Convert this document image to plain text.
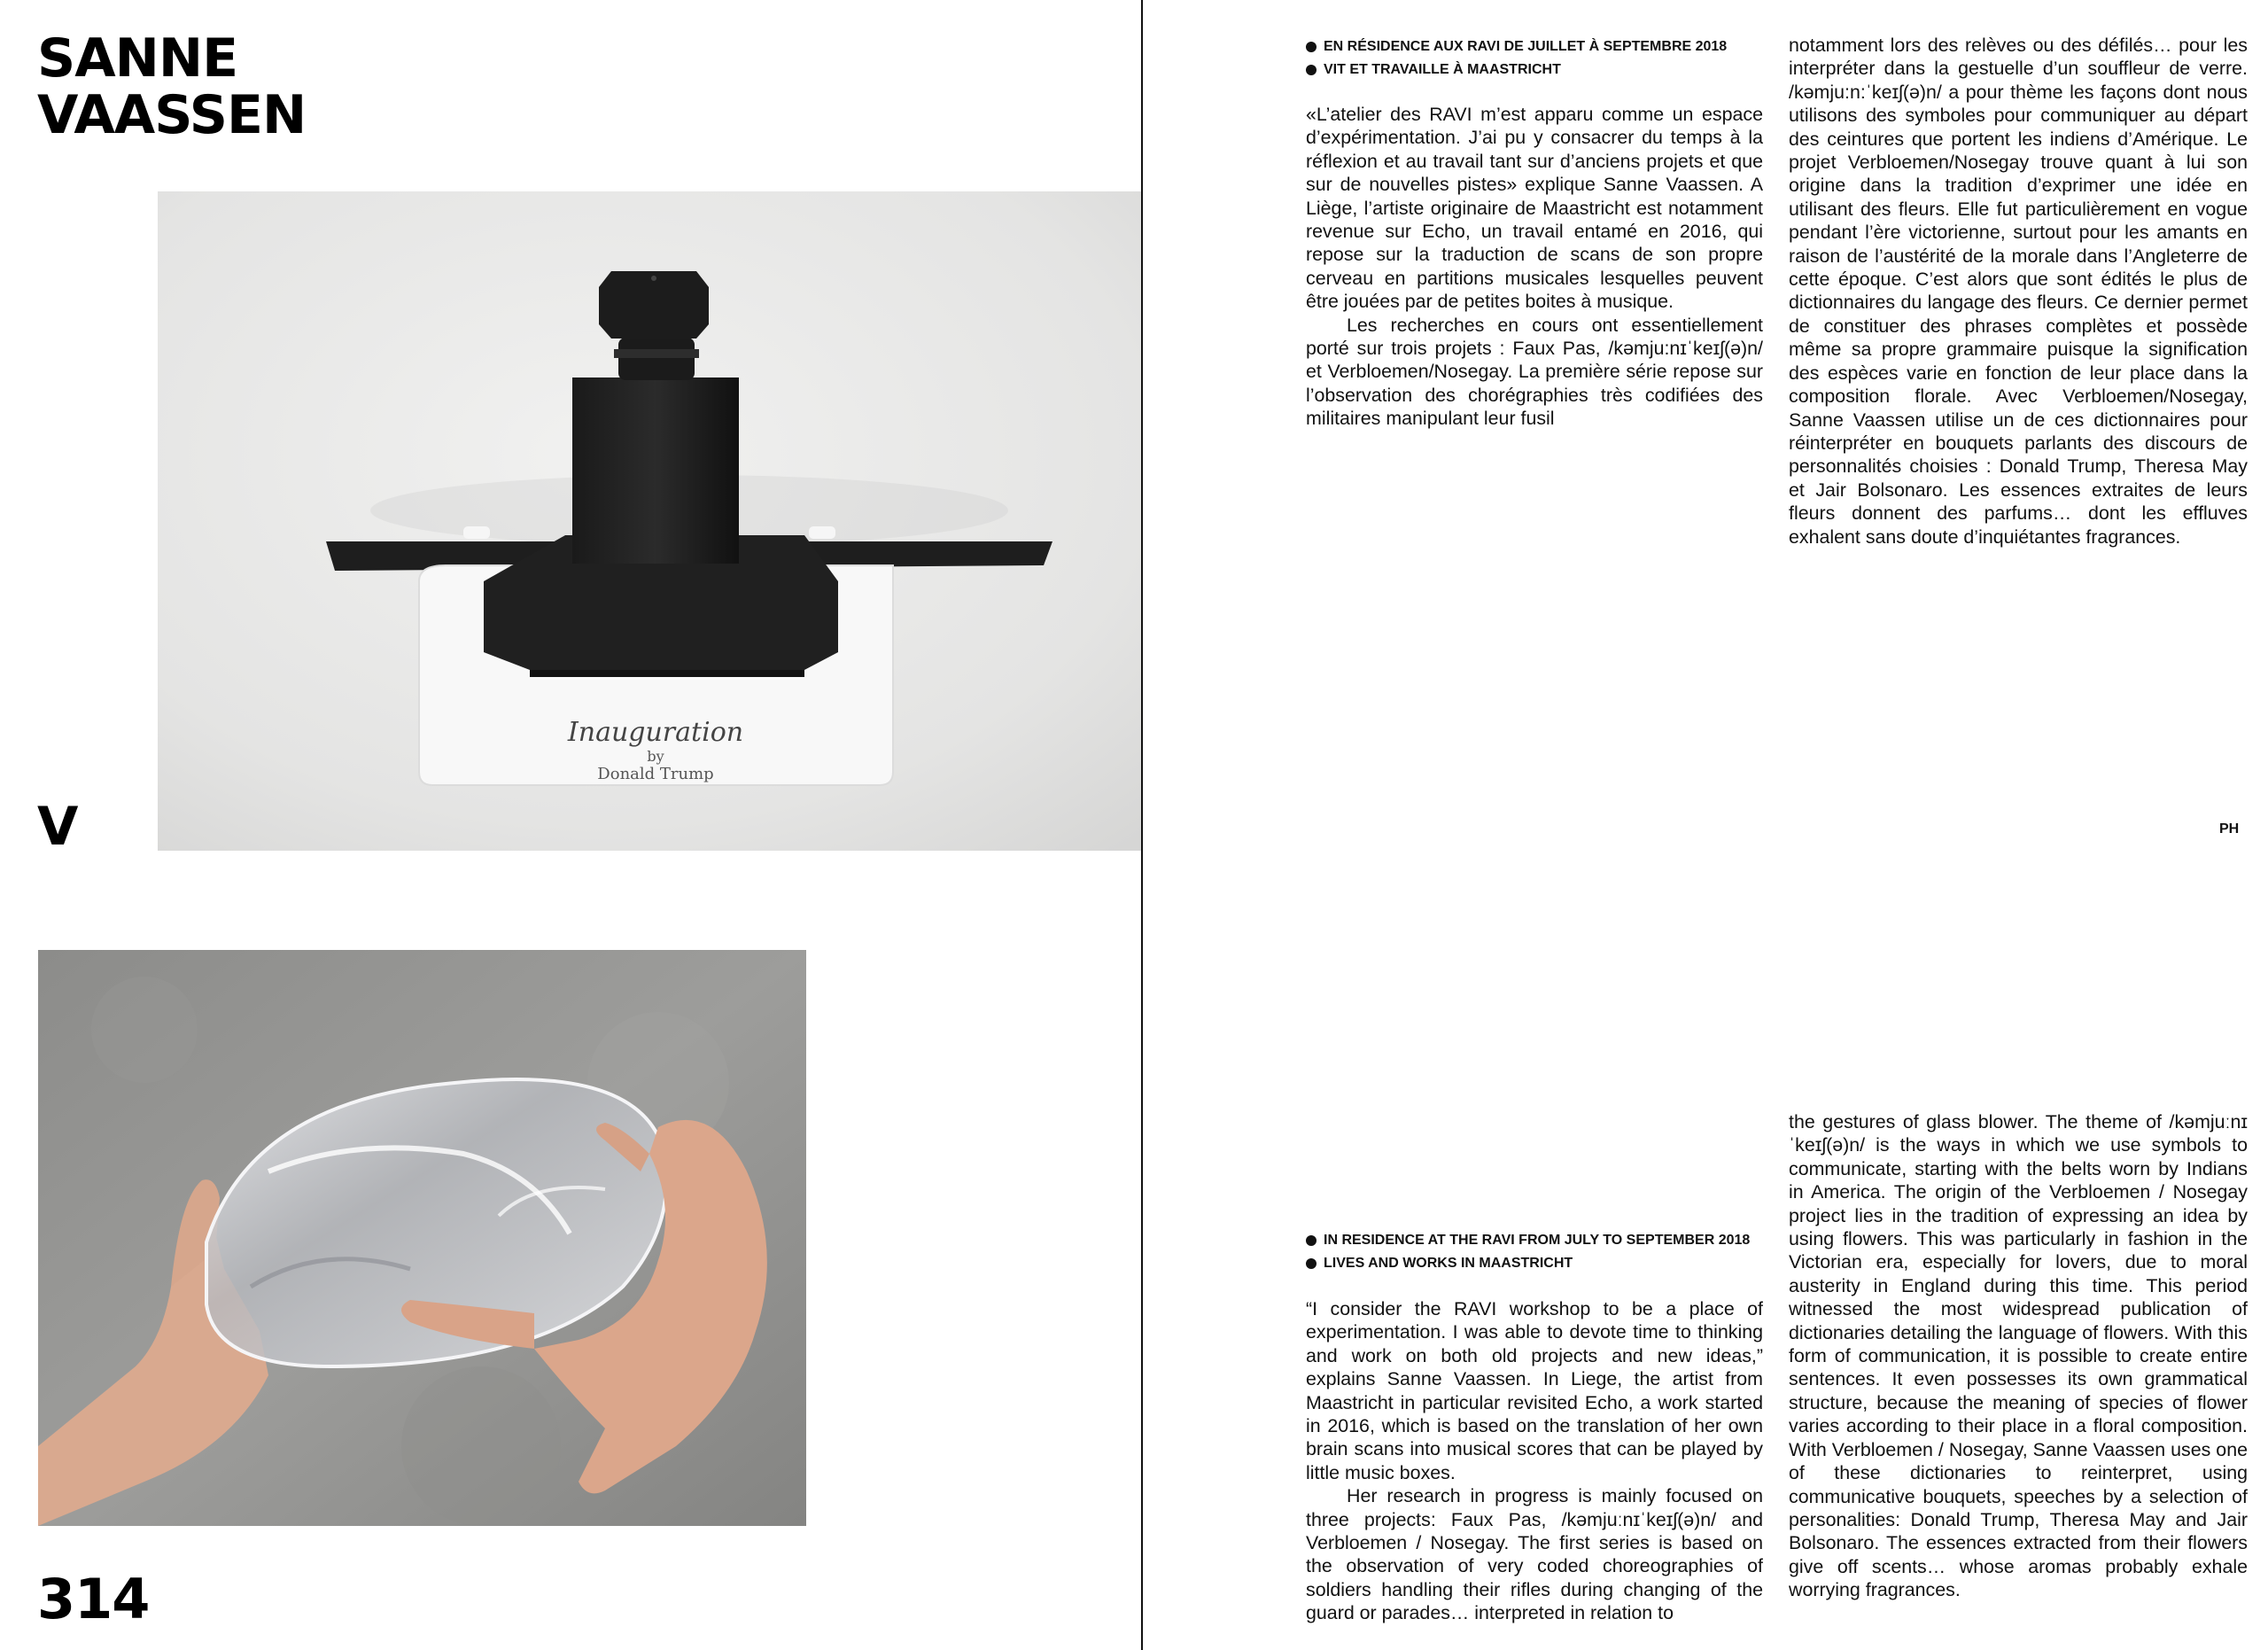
SANNE
VAASSEN
Inauguration
by
Donald Trump
V
314
EN RÉSIDENCE AUX RAVI DE JUILLET À SEPTEMBRE 2018
VIT ET TRAVAILLE À MAASTRICHT

«L’atelier des RAVI m’est apparu comme un espace d’expérimentation. J’ai pu y consacrer du temps à la réflexion et au travail tant sur d’anciens projets et que sur de nouvelles pistes» explique Sanne Vaassen. A Liège, l’artiste originaire de Maastricht est notamment revenue sur Echo, un travail entamé en 2016, qui repose sur la traduction de scans de son propre cerveau en partitions musicales lesquelles peuvent être jouées par de petites boites à musique.

Les recherches en cours ont essentiellement porté sur trois projets : Faux Pas, /kəmju:nɪˈkeɪʃ(ə)n/ et Verbloemen/Nosegay. La première série repose sur l’observation des chorégraphies très codifiées des militaires manipulant leur fusil

notamment lors des relèves ou des défilés… pour les interpréter dans la gestuelle d’un souffleur de verre. /kəmju:n:ˈkeɪʃ(ə)n/ a pour thème les façons dont nous utilisons des symboles pour communiquer au départ des ceintures que portent les indiens d’Amérique. Le projet Verbloemen/Nosegay trouve quant à lui son origine dans la tradition d’exprimer une idée en utilisant des fleurs. Elle fut particulièrement en vogue pendant l’ère victorienne, surtout pour les amants en raison de l’austérité de la morale dans l’Angleterre de cette époque. C’est alors que sont édités le plus de dictionnaires du langage des fleurs. Ce dernier permet de constituer des phrases complètes et possède même sa propre grammaire puisque la signification des espèces varie en fonction de leur place dans la composition florale. Avec Verbloemen/Nosegay, Sanne Vaassen utilise un de ces dictionnaires pour réinterpréter en bouquets parlants des discours de personnalités choisies : Donald Trump, Theresa May et Jair Bolsonaro. Les essences extraites de leurs fleurs donnent des parfums… dont les effluves exhalent sans doute d’inquiétantes fragrances.

PH
IN RESIDENCE AT THE RAVI FROM JULY TO SEPTEMBER 2018
LIVES AND WORKS IN MAASTRICHT

“I consider the RAVI workshop to be a place of experimentation. I was able to devote time to thinking and work on both old projects and new ideas,” explains Sanne Vaassen. In Liege, the artist from Maastricht in particular revisited Echo, a work started in 2016, which is based on the translation of her own brain scans into musical scores that can be played by little music boxes.

Her research in progress is mainly focused on three projects: Faux Pas, /kəmjuːnɪˈkeɪʃ(ə)n/ and Verbloemen / Nosegay. The first series is based on the observation of very coded choreographies of soldiers handling their rifles during changing of the guard or parades… interpreted in relation to

the gestures of glass blower. The theme of /kəmjuːnɪˈkeɪʃ(ə)n/ is the ways in which we use symbols to communicate, starting with the belts worn by Indians in America. The origin of the Verbloemen / Nosegay project lies in the tradition of expressing an idea by using flowers. This was particularly in fashion in the Victorian era, especially for lovers, due to moral austerity in England during this time. This period witnessed the most widespread publication of dictionaries detailing the language of flowers. With this form of communication, it is possible to create entire sentences. It even possesses its own grammatical structure, because the meaning of species of flower varies according to their place in a floral composition. With Verbloemen / Nosegay, Sanne Vaassen uses one of these dictionaries to reinterpret, using communicative bouquets, speeches by a selection of personalities: Donald Trump, Theresa May and Jair Bolsonaro. The essences extracted from their flowers give off scents… whose aromas probably exhale worrying fragrances.
